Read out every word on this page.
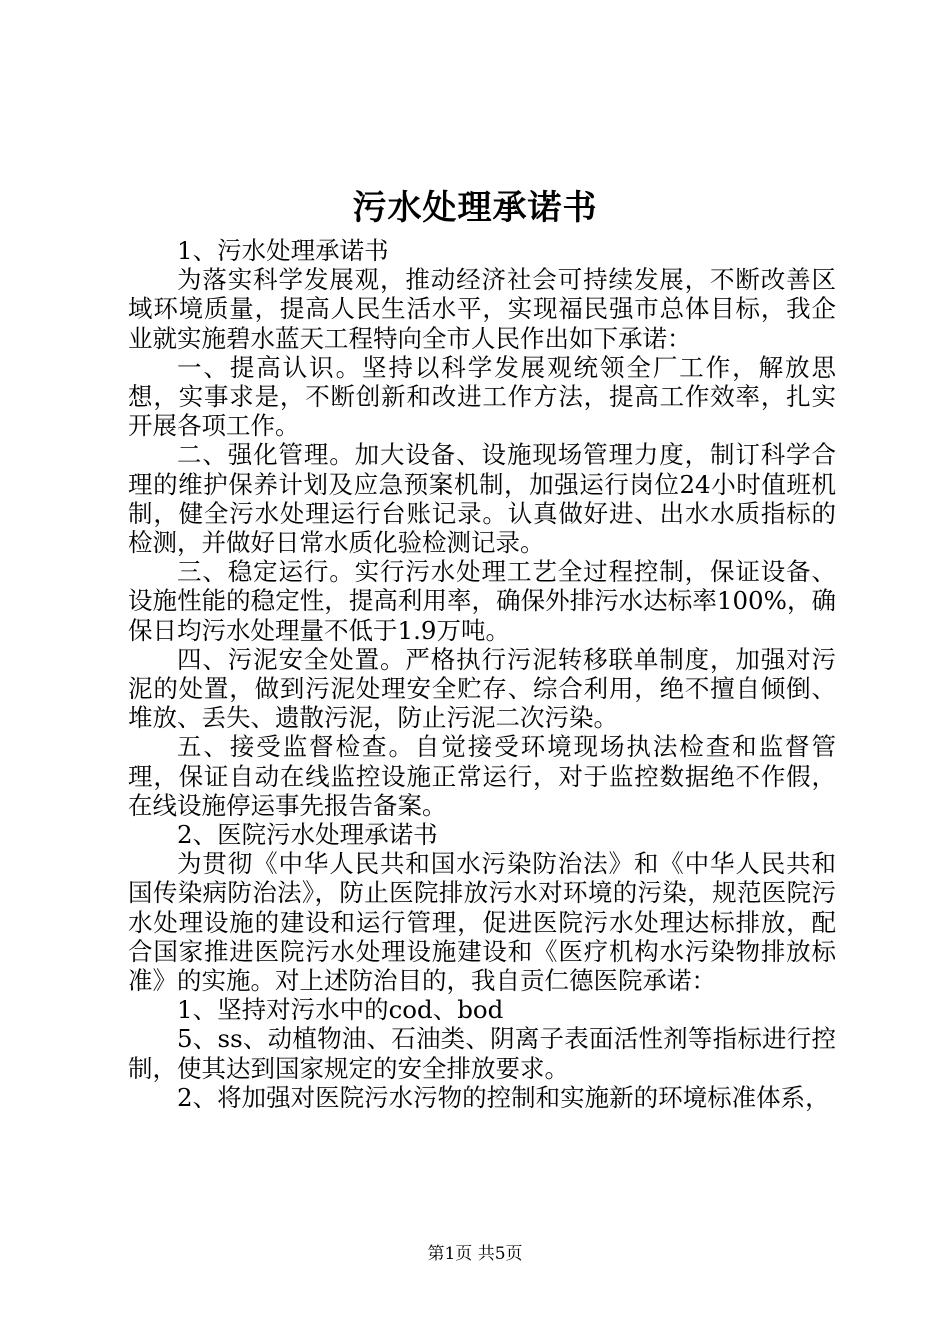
污水处理承诺书

1、污水处理承诺书

为落实科学发展观，推动经济社会可持续发展，不断改善区域环境质量，提高人民生活水平，实现福民强市总体目标，我企业就实施碧水蓝天工程特向全市人民作出如下承诺：

一、提高认识。坚持以科学发展观统领全厂工作，解放思想，实事求是，不断创新和改进工作方法，提高工作效率，扎实开展各项工作。

二、强化管理。加大设备、设施现场管理力度，制订科学合理的维护保养计划及应急预案机制，加强运行岗位24小时值班机制，健全污水处理运行台账记录。认真做好进、出水水质指标的检测，并做好日常水质化验检测记录。

三、稳定运行。实行污水处理工艺全过程控制，保证设备、设施性能的稳定性，提高利用率，确保外排污水达标率100%，确保日均污水处理量不低于1.9万吨。

四、污泥安全处置。严格执行污泥转移联单制度，加强对污泥的处置，做到污泥处理安全贮存、综合利用，绝不擅自倾倒、堆放、丢失、遗散污泥，防止污泥二次污染。

五、接受监督检查。自觉接受环境现场执法检查和监督管理，保证自动在线监控设施正常运行，对于监控数据绝不作假，在线设施停运事先报告备案。

2、医院污水处理承诺书

为贯彻《中华人民共和国水污染防治法》和《中华人民共和国传染病防治法》，防止医院排放污水对环境的污染，规范医院污水处理设施的建设和运行管理，促进医院污水处理达标排放，配合国家推进医院污水处理设施建设和《医疗机构水污染物排放标准》的实施。对上述防治目的，我自贡仁德医院承诺：

1、坚持对污水中的cod、bod

5、ss、动植物油、石油类、阴离子表面活性剂等指标进行控制，使其达到国家规定的安全排放要求。

2、将加强对医院污水污物的控制和实施新的环境标准体系，

第1页 共5页
